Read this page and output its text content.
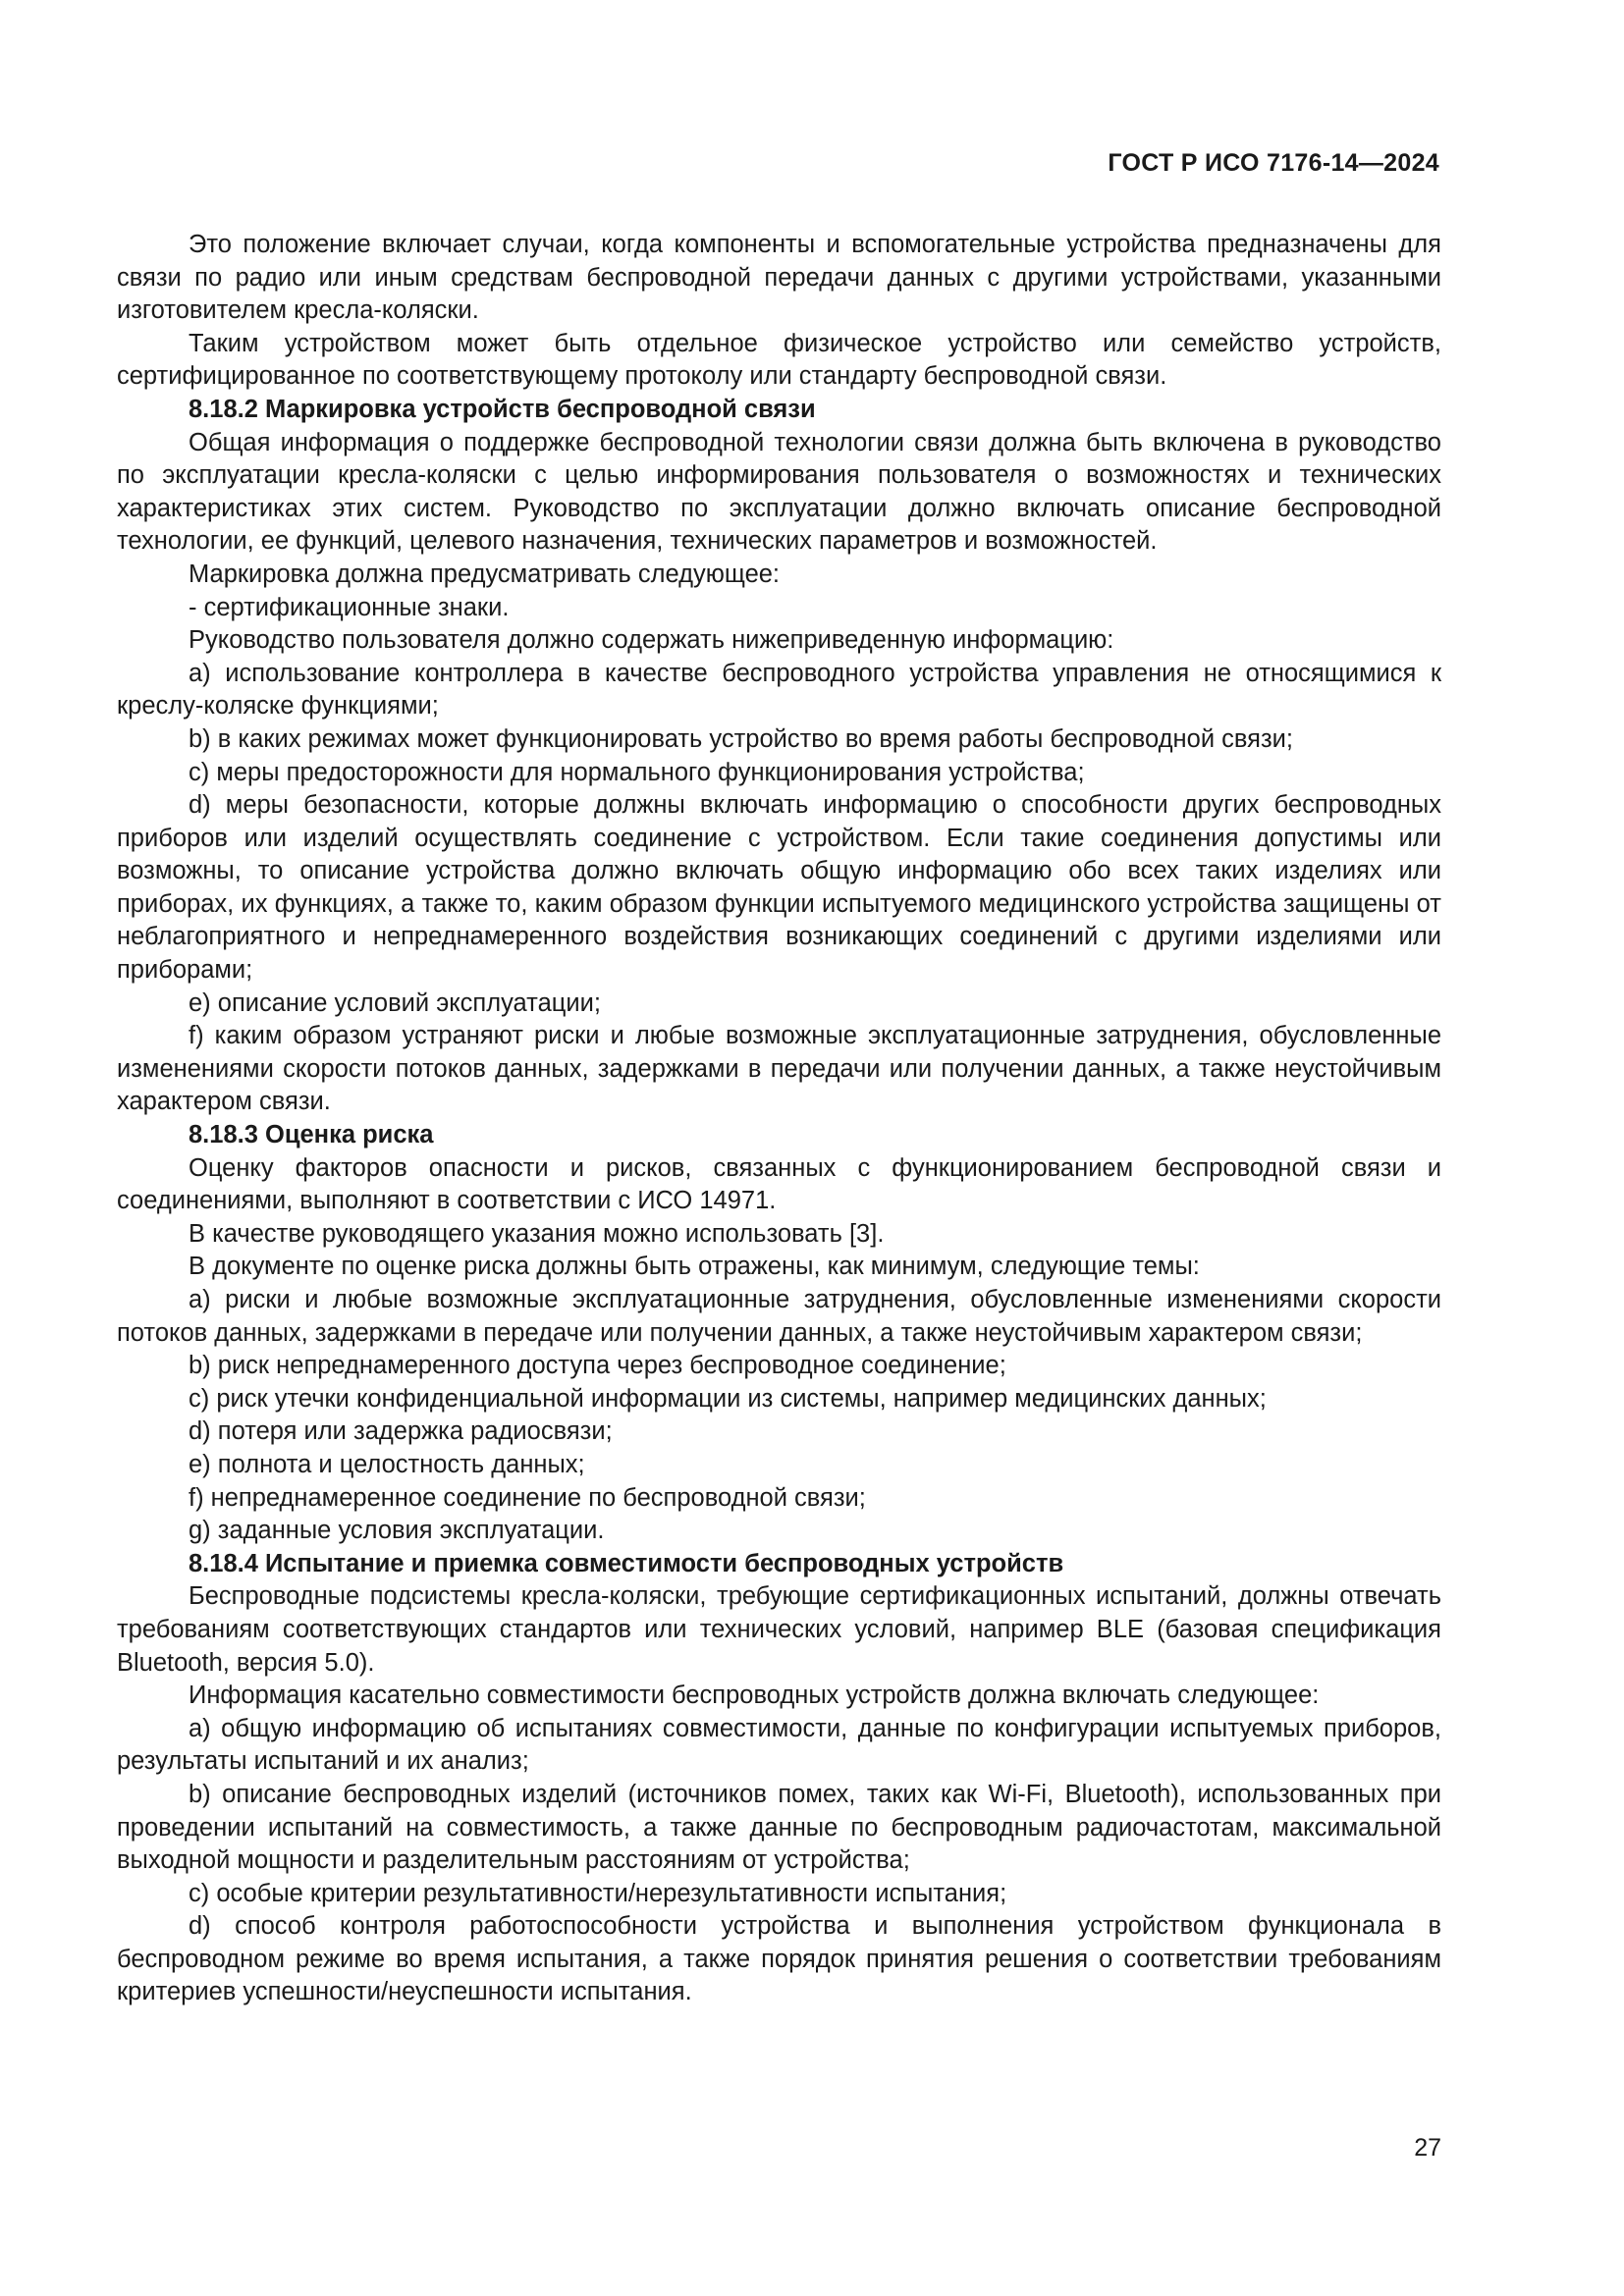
ГОСТ Р ИСО 7176-14—2024

Это положение включает случаи, когда компоненты и вспомогательные устройства предназначены для связи по радио или иным средствам беспроводной передачи данных с другими устройствами, указанными изготовителем кресла-коляски.

Таким устройством может быть отдельное физическое устройство или семейство устройств, сертифицированное по соответствующему протоколу или стандарту беспроводной связи.

8.18.2 Маркировка устройств беспроводной связи

Общая информация о поддержке беспроводной технологии связи должна быть включена в руководство по эксплуатации кресла-коляски с целью информирования пользователя о возможностях и технических характеристиках этих систем. Руководство по эксплуатации должно включать описание беспроводной технологии, ее функций, целевого назначения, технических параметров и возможностей.

Маркировка должна предусматривать следующее:

- сертификационные знаки.

Руководство пользователя должно содержать нижеприведенную информацию:

a) использование контроллера в качестве беспроводного устройства управления не относящимися к креслу-коляске функциями;

b) в каких режимах может функционировать устройство во время работы беспроводной связи;

c) меры предосторожности для нормального функционирования устройства;

d) меры безопасности, которые должны включать информацию о способности других беспроводных приборов или изделий осуществлять соединение с устройством. Если такие соединения допустимы или возможны, то описание устройства должно включать общую информацию обо всех таких изделиях или приборах, их функциях, а также то, каким образом функции испытуемого медицинского устройства защищены от неблагоприятного и непреднамеренного воздействия возникающих соединений с другими изделиями или приборами;

e) описание условий эксплуатации;

f) каким образом устраняют риски и любые возможные эксплуатационные затруднения, обусловленные изменениями скорости потоков данных, задержками в передачи или получении данных, а также неустойчивым характером связи.

8.18.3 Оценка риска

Оценку факторов опасности и рисков, связанных с функционированием беспроводной связи и соединениями, выполняют в соответствии с ИСО 14971.

В качестве руководящего указания можно использовать [3].

В документе по оценке риска должны быть отражены, как минимум, следующие темы:

a) риски и любые возможные эксплуатационные затруднения, обусловленные изменениями скорости потоков данных, задержками в передаче или получении данных, а также неустойчивым характером связи;

b) риск непреднамеренного доступа через беспроводное соединение;

c) риск утечки конфиденциальной информации из системы, например медицинских данных;

d) потеря или задержка радиосвязи;

e) полнота и целостность данных;

f) непреднамеренное соединение по беспроводной связи;

g) заданные условия эксплуатации.

8.18.4 Испытание и приемка совместимости беспроводных устройств

Беспроводные подсистемы кресла-коляски, требующие сертификационных испытаний, должны отвечать требованиям соответствующих стандартов или технических условий, например BLE (базовая спецификация Bluetooth, версия 5.0).

Информация касательно совместимости беспроводных устройств должна включать следующее:

a) общую информацию об испытаниях совместимости, данные по конфигурации испытуемых приборов, результаты испытаний и их анализ;

b) описание беспроводных изделий (источников помех, таких как Wi-Fi, Bluetooth), использованных при проведении испытаний на совместимость, а также данные по беспроводным радиочастотам, максимальной выходной мощности и разделительным расстояниям от устройства;

c) особые критерии результативности/нерезультативности испытания;

d) способ контроля работоспособности устройства и выполнения устройством функционала в беспроводном режиме во время испытания, а также порядок принятия решения о соответствии требованиям критериев успешности/неуспешности испытания.

27
